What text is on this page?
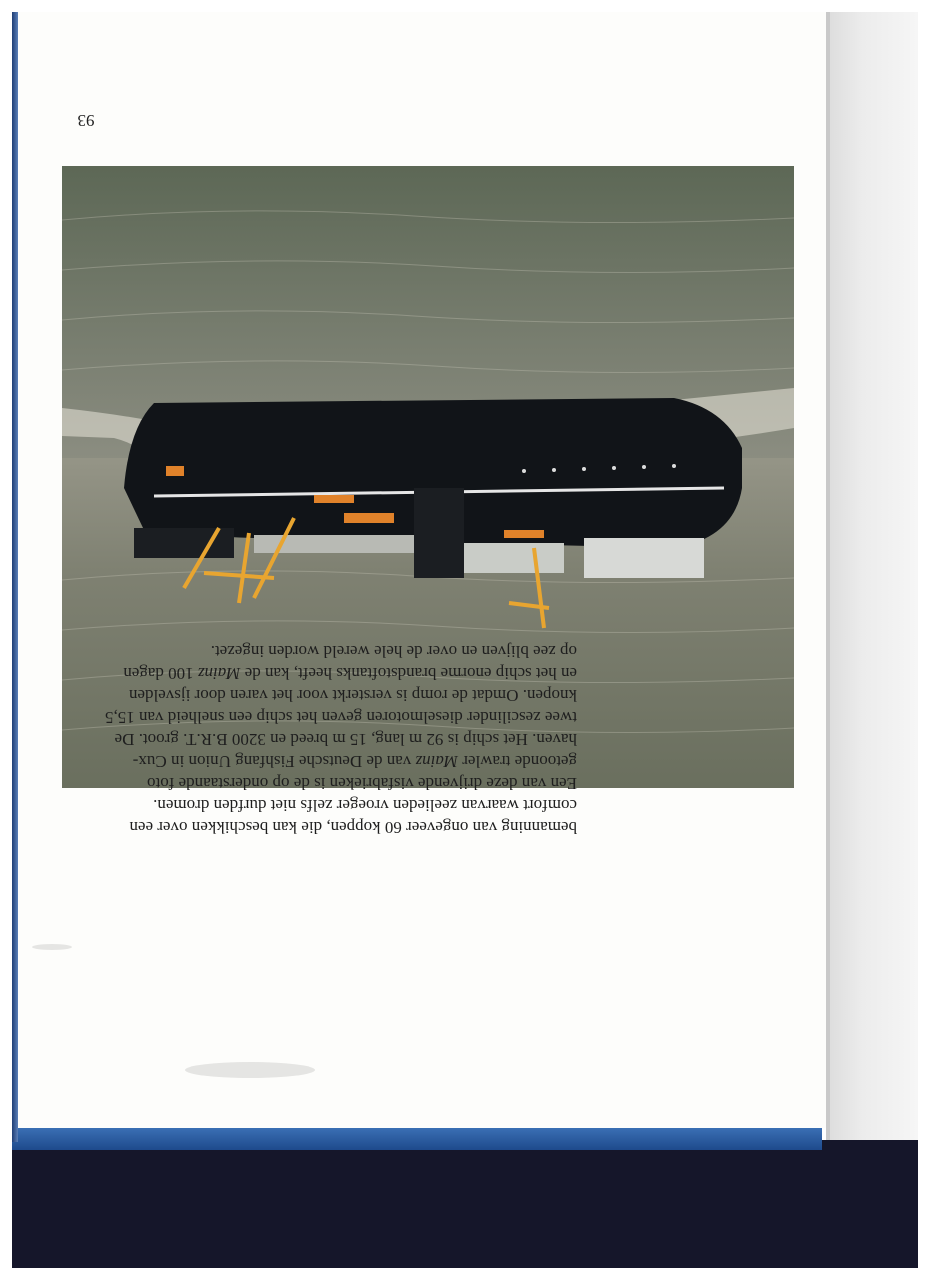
93
bemanning van ongeveer 60 koppen, die kan beschikken over een
comfort waarvan zeelieden vroeger zelfs niet durfden dromen.
Een van deze drijvende visfabrieken is de op onderstaande foto
getoonde trawler Mainz van de Deutsche Fishfang Union in Cux-
haven. Het schip is 92 m lang, 15 m breed en 3200 B.R.T. groot. De
twee zescilinder dieselmotoren geven het schip een snelheid van 15,5
knopen. Omdat de romp is versterkt voor het varen door ijsvelden
en het schip enorme brandstoftanks heeft, kan de Mainz 100 dagen
op zee blijven en over de hele wereld worden ingezet.
